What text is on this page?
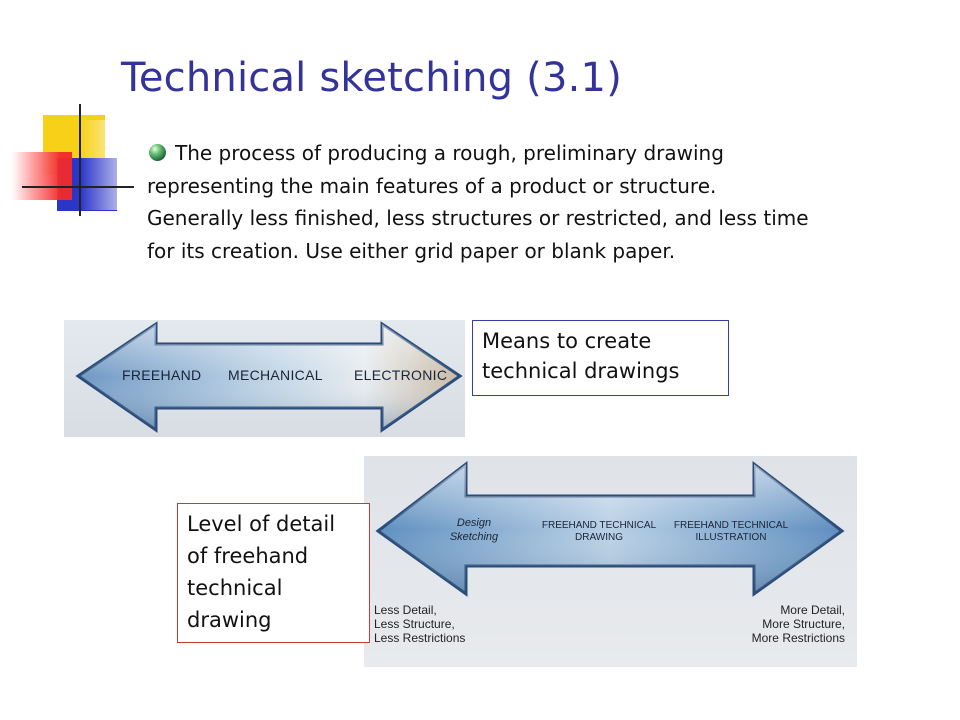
Technical sketching (3.1)
The process of producing a rough, preliminary drawing representing the main features of a product or structure. Generally less finished, less structures or restricted, and less time for its creation. Use either grid paper or blank paper.
FREEHAND MECHANICAL ELECTRONIC
Means to create technical drawings
Design Sketching
FREEHAND TECHNICAL DRAWING
FREEHAND TECHNICAL ILLUSTRATION
Less Detail,
Less Structure,
Less Restrictions
More Detail,
More Structure,
More Restrictions
Level of detail of freehand technical drawing
